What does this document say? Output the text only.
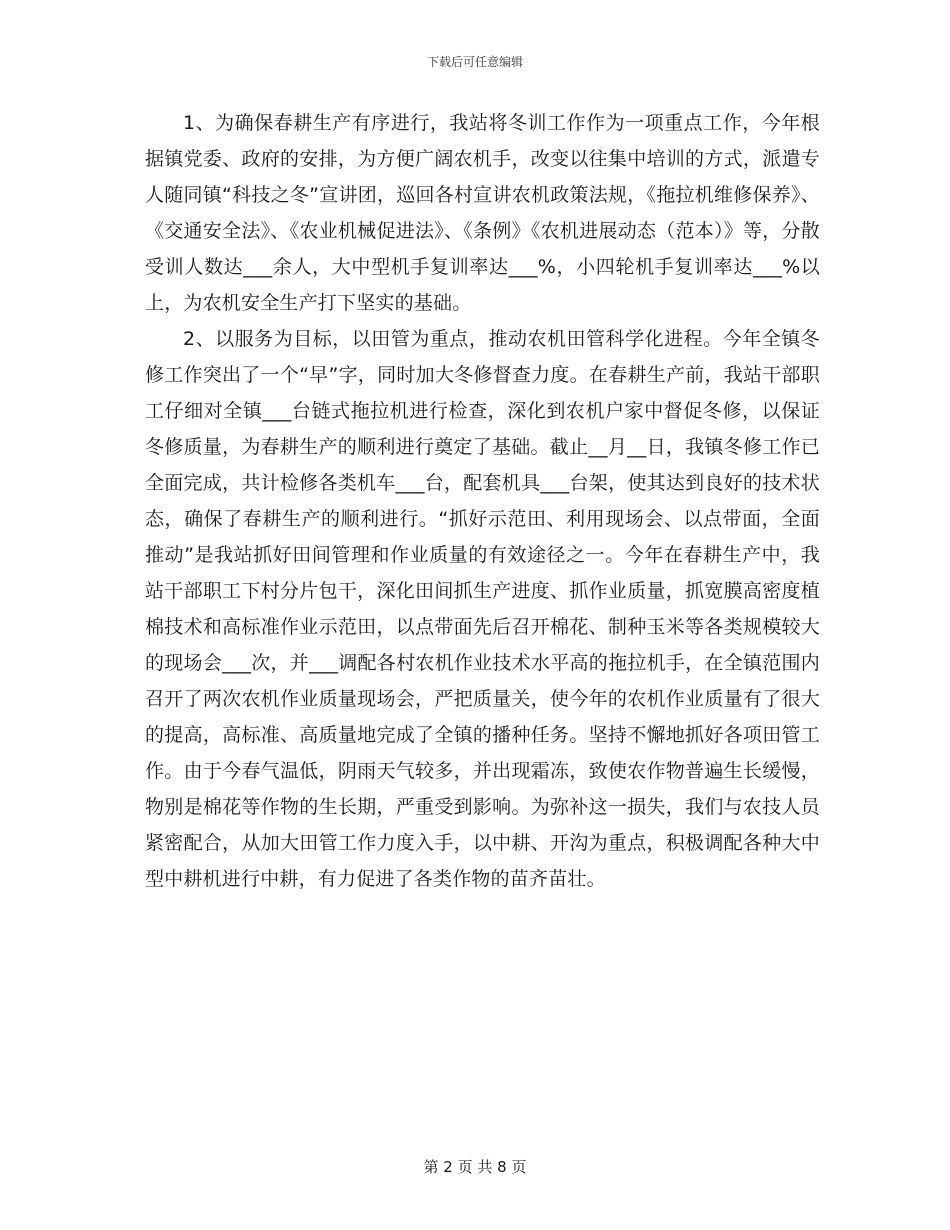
下载后可任意编辑

1、为确保春耕生产有序进行，我站将冬训工作作为一项重点工作，今年根据镇党委、政府的安排，为方便广阔农机手，改变以往集中培训的方式，派遣专人随同镇“科技之冬”宣讲团，巡回各村宣讲农机政策法规，《拖拉机维修保养》、《交通安全法》、《农业机械促进法》、《条例》《农机进展动态（范本）》等，分散受训人数达___余人，大中型机手复训率达___%，小四轮机手复训率达___%以上，为农机安全生产打下坚实的基础。

2、以服务为目标，以田管为重点，推动农机田管科学化进程。今年全镇冬修工作突出了一个“早”字，同时加大冬修督查力度。在春耕生产前，我站干部职工仔细对全镇___台链式拖拉机进行检查，深化到农机户家中督促冬修，以保证冬修质量，为春耕生产的顺利进行奠定了基础。截止__月__日，我镇冬修工作已全面完成，共计检修各类机车___台，配套机具___台架，使其达到良好的技术状态，确保了春耕生产的顺利进行。“抓好示范田、利用现场会、以点带面，全面推动”是我站抓好田间管理和作业质量的有效途径之一。今年在春耕生产中，我站干部职工下村分片包干，深化田间抓生产进度、抓作业质量，抓宽膜高密度植棉技术和高标准作业示范田，以点带面先后召开棉花、制种玉米等各类规模较大的现场会___次，并___调配各村农机作业技术水平高的拖拉机手，在全镇范围内召开了两次农机作业质量现场会，严把质量关，使今年的农机作业质量有了很大的提高，高标准、高质量地完成了全镇的播种任务。坚持不懈地抓好各项田管工作。由于今春气温低，阴雨天气较多，并出现霜冻，致使农作物普遍生长缓慢，物别是棉花等作物的生长期，严重受到影响。为弥补这一损失，我们与农技人员紧密配合，从加大田管工作力度入手，以中耕、开沟为重点，积极调配各种大中型中耕机进行中耕，有力促进了各类作物的苗齐苗壮。

第 2 页 共 8 页
